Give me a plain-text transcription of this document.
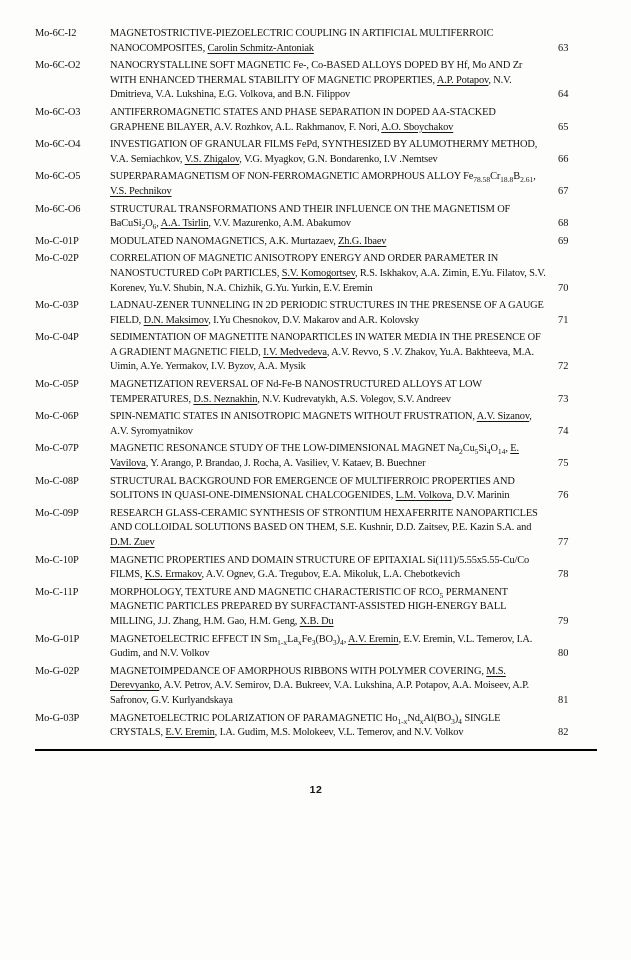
Mo-6C-I2	MAGNETOSTRICTIVE-PIEZOELECTRIC COUPLING IN ARTIFICIAL MULTIFERROIC NANOCOMPOSITES, Carolin Schmitz-Antoniak	63
Mo-6C-O2	NANOCRYSTALLINE SOFT MAGNETIC Fe-, Co-BASED ALLOYS DOPED BY Hf, Mo AND Zr WITH ENHANCED THERMAL STABILITY OF MAGNETIC PROPERTIES, A.P. Potapov, N.V. Dmitrieva, V.A. Lukshina, E.G. Volkova, and B.N. Filippov	64
Mo-6C-O3	ANTIFERROMAGNETIC STATES AND PHASE SEPARATION IN DOPED AA-STACKED GRAPHENE BILAYER, A.V. Rozhkov, A.L. Rakhmanov, F. Nori, A.O. Sboychakov	65
Mo-6C-O4	INVESTIGATION OF GRANULAR FILMS FePd, SYNTHESIZED BY ALUMOTHERMY METHOD, V.A. Semiachkov, V.S. Zhigalov, V.G. Myagkov, G.N. Bondarenko, I.V .Nemtsev	66
Mo-6C-O5	SUPERPARAMAGNETISM OF NON-FERROMAGNETIC AMORPHOUS ALLOY $Fe_{78.58}Cr_{18.8}B_{2.61}$, V.S. Pechnikov	67
Mo-6C-O6	STRUCTURAL TRANSFORMATIONS AND THEIR INFLUENCE ON THE MAGNETISM OF $BaCuSi_2O_6$, A.A. Tsirlin, V.V. Mazurenko, A.M. Abakumov	68
Mo-C-01P	MODULATED NANOMAGNETICS, A.K. Murtazaev, Zh.G. Ibaev	69
Mo-C-02P	CORRELATION OF MAGNETIC ANISOTROPY ENERGY AND ORDER PARAMETER IN NANOSTUCTURED CoPt PARTICLES, S.V. Komogortsev, R.S. Iskhakov, A.A. Zimin, E.Yu. Filatov, S.V. Korenev, Yu.V. Shubin, N.A. Chizhik, G.Yu. Yurkin, E.V. Eremin	70
Mo-C-03P	LADNAU-ZENER TUNNELING IN 2D PERIODIC STRUCTURES IN THE PRESENSE OF A GAUGE FIELD, D.N. Maksimov, I.Yu Chesnokov, D.V. Makarov and A.R. Kolovsky	71
Mo-C-04P	SEDIMENTATION OF MAGNETITE NANOPARTICLES IN WATER MEDIA IN THE PRESENCE OF A GRADIENT MAGNETIC FIELD, I.V. Medvedeva, A.V. Revvo, S .V. Zhakov, Yu.A. Bakhteeva, M.A. Uimin, A.Ye. Yermakov, I.V. Byzov, A.A. Mysik	72
Mo-C-05P	MAGNETIZATION REVERSAL OF Nd-Fe-B NANOSTRUCTURED ALLOYS AT LOW TEMPERATURES, D.S. Neznakhin, N.V. Kudrevatykh, A.S. Volegov, S.V. Andreev	73
Mo-C-06P	SPIN-NEMATIC STATES IN ANISOTROPIC MAGNETS WITHOUT FRUSTRATION, A.V. Sizanov, A.V. Syromyatnikov	74
Mo-C-07P	MAGNETIC RESONANCE STUDY OF THE LOW-DIMENSIONAL MAGNET $Na_2Cu_5Si_4O_{14}$, E. Vavilova, Y. Arango, P. Brandao, J. Rocha, A. Vasiliev, V. Kataev, B. Buechner	75
Mo-C-08P	STRUCTURAL BACKGROUND FOR EMERGENCE OF MULTIFERROIC PROPERTIES AND SOLITONS IN QUASI-ONE-DIMENSIONAL CHALCOGENIDES, L.M. Volkova, D.V. Marinin	76
Mo-C-09P	RESEARCH GLASS-CERAMIC SYNTHESIS OF STRONTIUM HEXAFERRITE NANOPARTICLES AND COLLOIDAL SOLUTIONS BASED ON THEM, S.E. Kushnir, D.D. Zaitsev, P.E. Kazin S.A. and D.M. Zuev	77
Mo-C-10P	MAGNETIC PROPERTIES AND DOMAIN STRUCTURE OF EPITAXIAL Si(111)/5.55x5.55-Cu/Co FILMS, K.S. Ermakov, A.V. Ognev, G.A. Tregubov, E.A. Mikoluk, L.A. Chebotkevich	78
Mo-C-11P	MORPHOLOGY, TEXTURE AND MAGNETIC CHARACTERISTIC OF $RCO_5$ PERMANENT MAGNETIC PARTICLES PREPARED BY SURFACTANT-ASSISTED HIGH-ENERGY BALL MILLING, J.J. Zhang, H.M. Gao, H.M. Geng, X.B. Du	79
Mo-G-01P	MAGNETOELECTRIC EFFECT IN $Sm_{1-x}La_xFe_3(BO_3)_4$, A.V. Eremin, E.V. Eremin, V.L. Temerov, I.A. Gudim, and N.V. Volkov	80
Mo-G-02P	MAGNETOIMPEDANCE OF AMORPHOUS RIBBONS WITH POLYMER COVERING, M.S. Derevyanko, A.V. Petrov, A.V. Semirov, D.A. Bukreev, V.A. Lukshina, A.P. Potapov, A.A. Moiseev, A.P. Safronov, G.V. Kurlyandskaya	81
Mo-G-03P	MAGNETOELECTRIC POLARIZATION OF PARAMAGNETIC $Ho_{1-x}Nd_xAl(BO_3)_4$ SINGLE CRYSTALS, E.V. Eremin, I.A. Gudim, M.S. Molokeev, V.L. Temerov, and N.V. Volkov	82
12
